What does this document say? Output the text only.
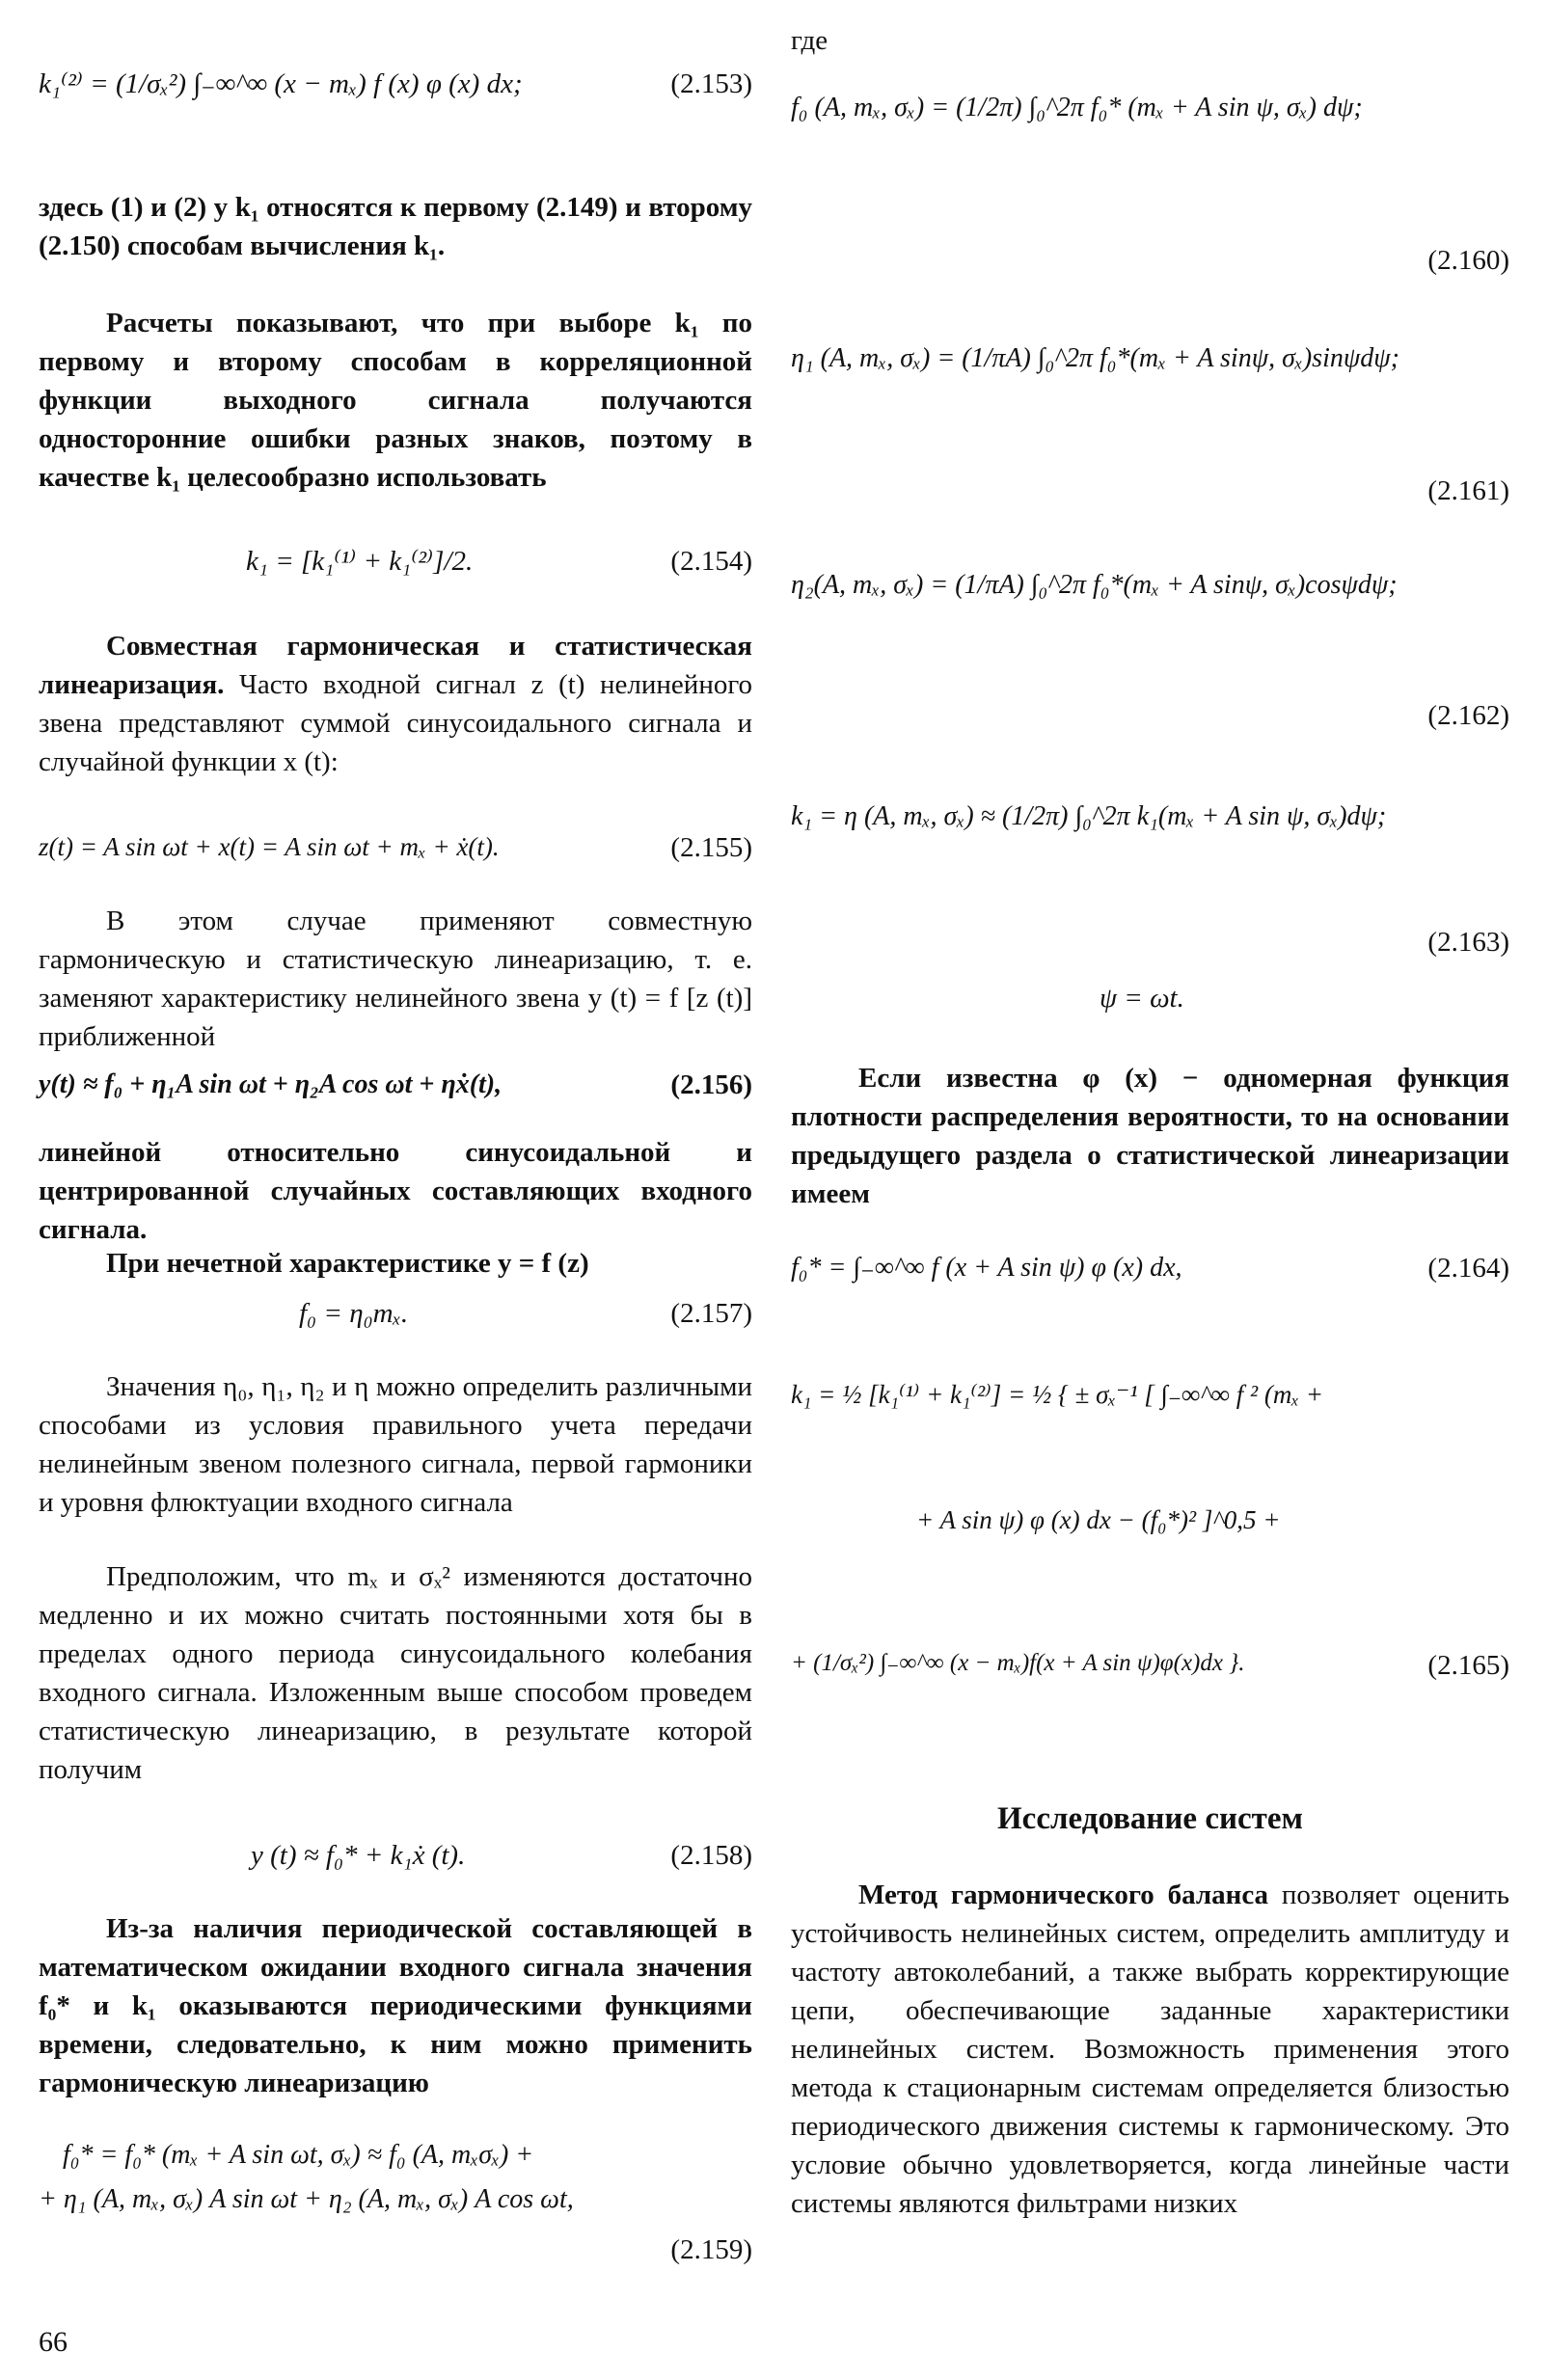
k₁⁽²⁾ = (1/σₓ²) ∫₋∞^∞ (x − mₓ) f (x) φ (x) dx;	(2.153)
здесь (1) и (2) у k₁ относятся к первому (2.149) и второму (2.150) способам вычисления k₁.
Расчеты показывают, что при выборе k₁ по первому и второму способам в корреляционной функции выходного сигнала получаются односторонние ошибки разных знаков, поэтому в качестве k₁ целесообразно использовать
k₁ = [k₁⁽¹⁾ + k₁⁽²⁾]/2.	(2.154)
Совместная гармоническая и статистическая линеаризация. Часто входной сигнал z (t) нелинейного звена представляют суммой синусоидального сигнала и случайной функции x (t):
z(t) = A sin ωt + x(t) = A sin ωt + mₓ + ẋ(t).	(2.155)
В этом случае применяют совместную гармоническую и статистическую линеаризацию, т. е. заменяют характеристику нелинейного звена y (t) = f [z (t)] приближенной
y(t) ≈ f₀ + η₁A sin ωt + η₂A cos ωt + ηẋ(t),	(2.156)
линейной относительно синусоидальной и центрированной случайных составляющих входного сигнала.
При нечетной характеристике y = f (z)
f₀ = η₀mₓ.	(2.157)
Значения η₀, η₁, η₂ и η можно определить различными способами из условия правильного учета передачи нелинейным звеном полезного сигнала, первой гармоники и уровня флюктуации входного сигнала
Предположим, что mₓ и σₓ² изменяются достаточно медленно и их можно считать постоянными хотя бы в пределах одного периода синусоидального колебания входного сигнала. Изложенным выше способом проведем статистическую линеаризацию, в результате которой получим
y (t) ≈ f₀* + k₁ẋ (t).	(2.158)
Из-за наличия периодической составляющей в математическом ожидании входного сигнала значения f₀* и k₁ оказываются периодическими функциями времени, следовательно, к ним можно применить гармоническую линеаризацию
f₀* = f₀* (mₓ + A sin ωt, σₓ) ≈ f₀ (A, mₓσₓ) +
+ η₁ (A, mₓ, σₓ) A sin ωt + η₂ (A, mₓ, σₓ) A cos ωt,
(2.159)
где
f₀ (A, mₓ, σₓ) = (1/2π) ∫₀^2π f₀* (mₓ + A sin ψ, σₓ) dψ;
(2.160)
η₁ (A, mₓ, σₓ) = (1/πA) ∫₀^2π f₀*(mₓ + A sinψ, σₓ)sinψdψ;
(2.161)
η₂(A, mₓ, σₓ) = (1/πA) ∫₀^2π f₀*(mₓ + A sinψ, σₓ)cosψdψ;
(2.162)
k₁ = η (A, mₓ, σₓ) ≈ (1/2π) ∫₀^2π k₁(mₓ + A sin ψ, σₓ)dψ;
(2.163)
ψ = ωt.
Если известна φ (x) − одномерная функция плотности распределения вероятности, то на основании предыдущего раздела о статистической линеаризации имеем
f₀* = ∫₋∞^∞ f (x + A sin ψ) φ (x) dx,	(2.164)
k₁ = ½ [k₁⁽¹⁾ + k₁⁽²⁾] = ½ { ± σₓ⁻¹ [ ∫₋∞^∞ f ² (mₓ +
+ A sin ψ) φ (x) dx − (f₀*)² ]^0,5 +
+ (1/σₓ²) ∫₋∞^∞ (x − mₓ)f(x + A sin ψ)φ(x)dx }.	(2.165)
Исследование систем
Метод гармонического баланса позволяет оценить устойчивость нелинейных систем, определить амплитуду и частоту автоколебаний, а также выбрать корректирующие цепи, обеспечивающие заданные характеристики нелинейных систем. Возможность применения этого метода к стационарным системам определяется близостью периодического движения системы к гармоническому. Это условие обычно удовлетворяется, когда линейные части системы являются фильтрами низких
66
